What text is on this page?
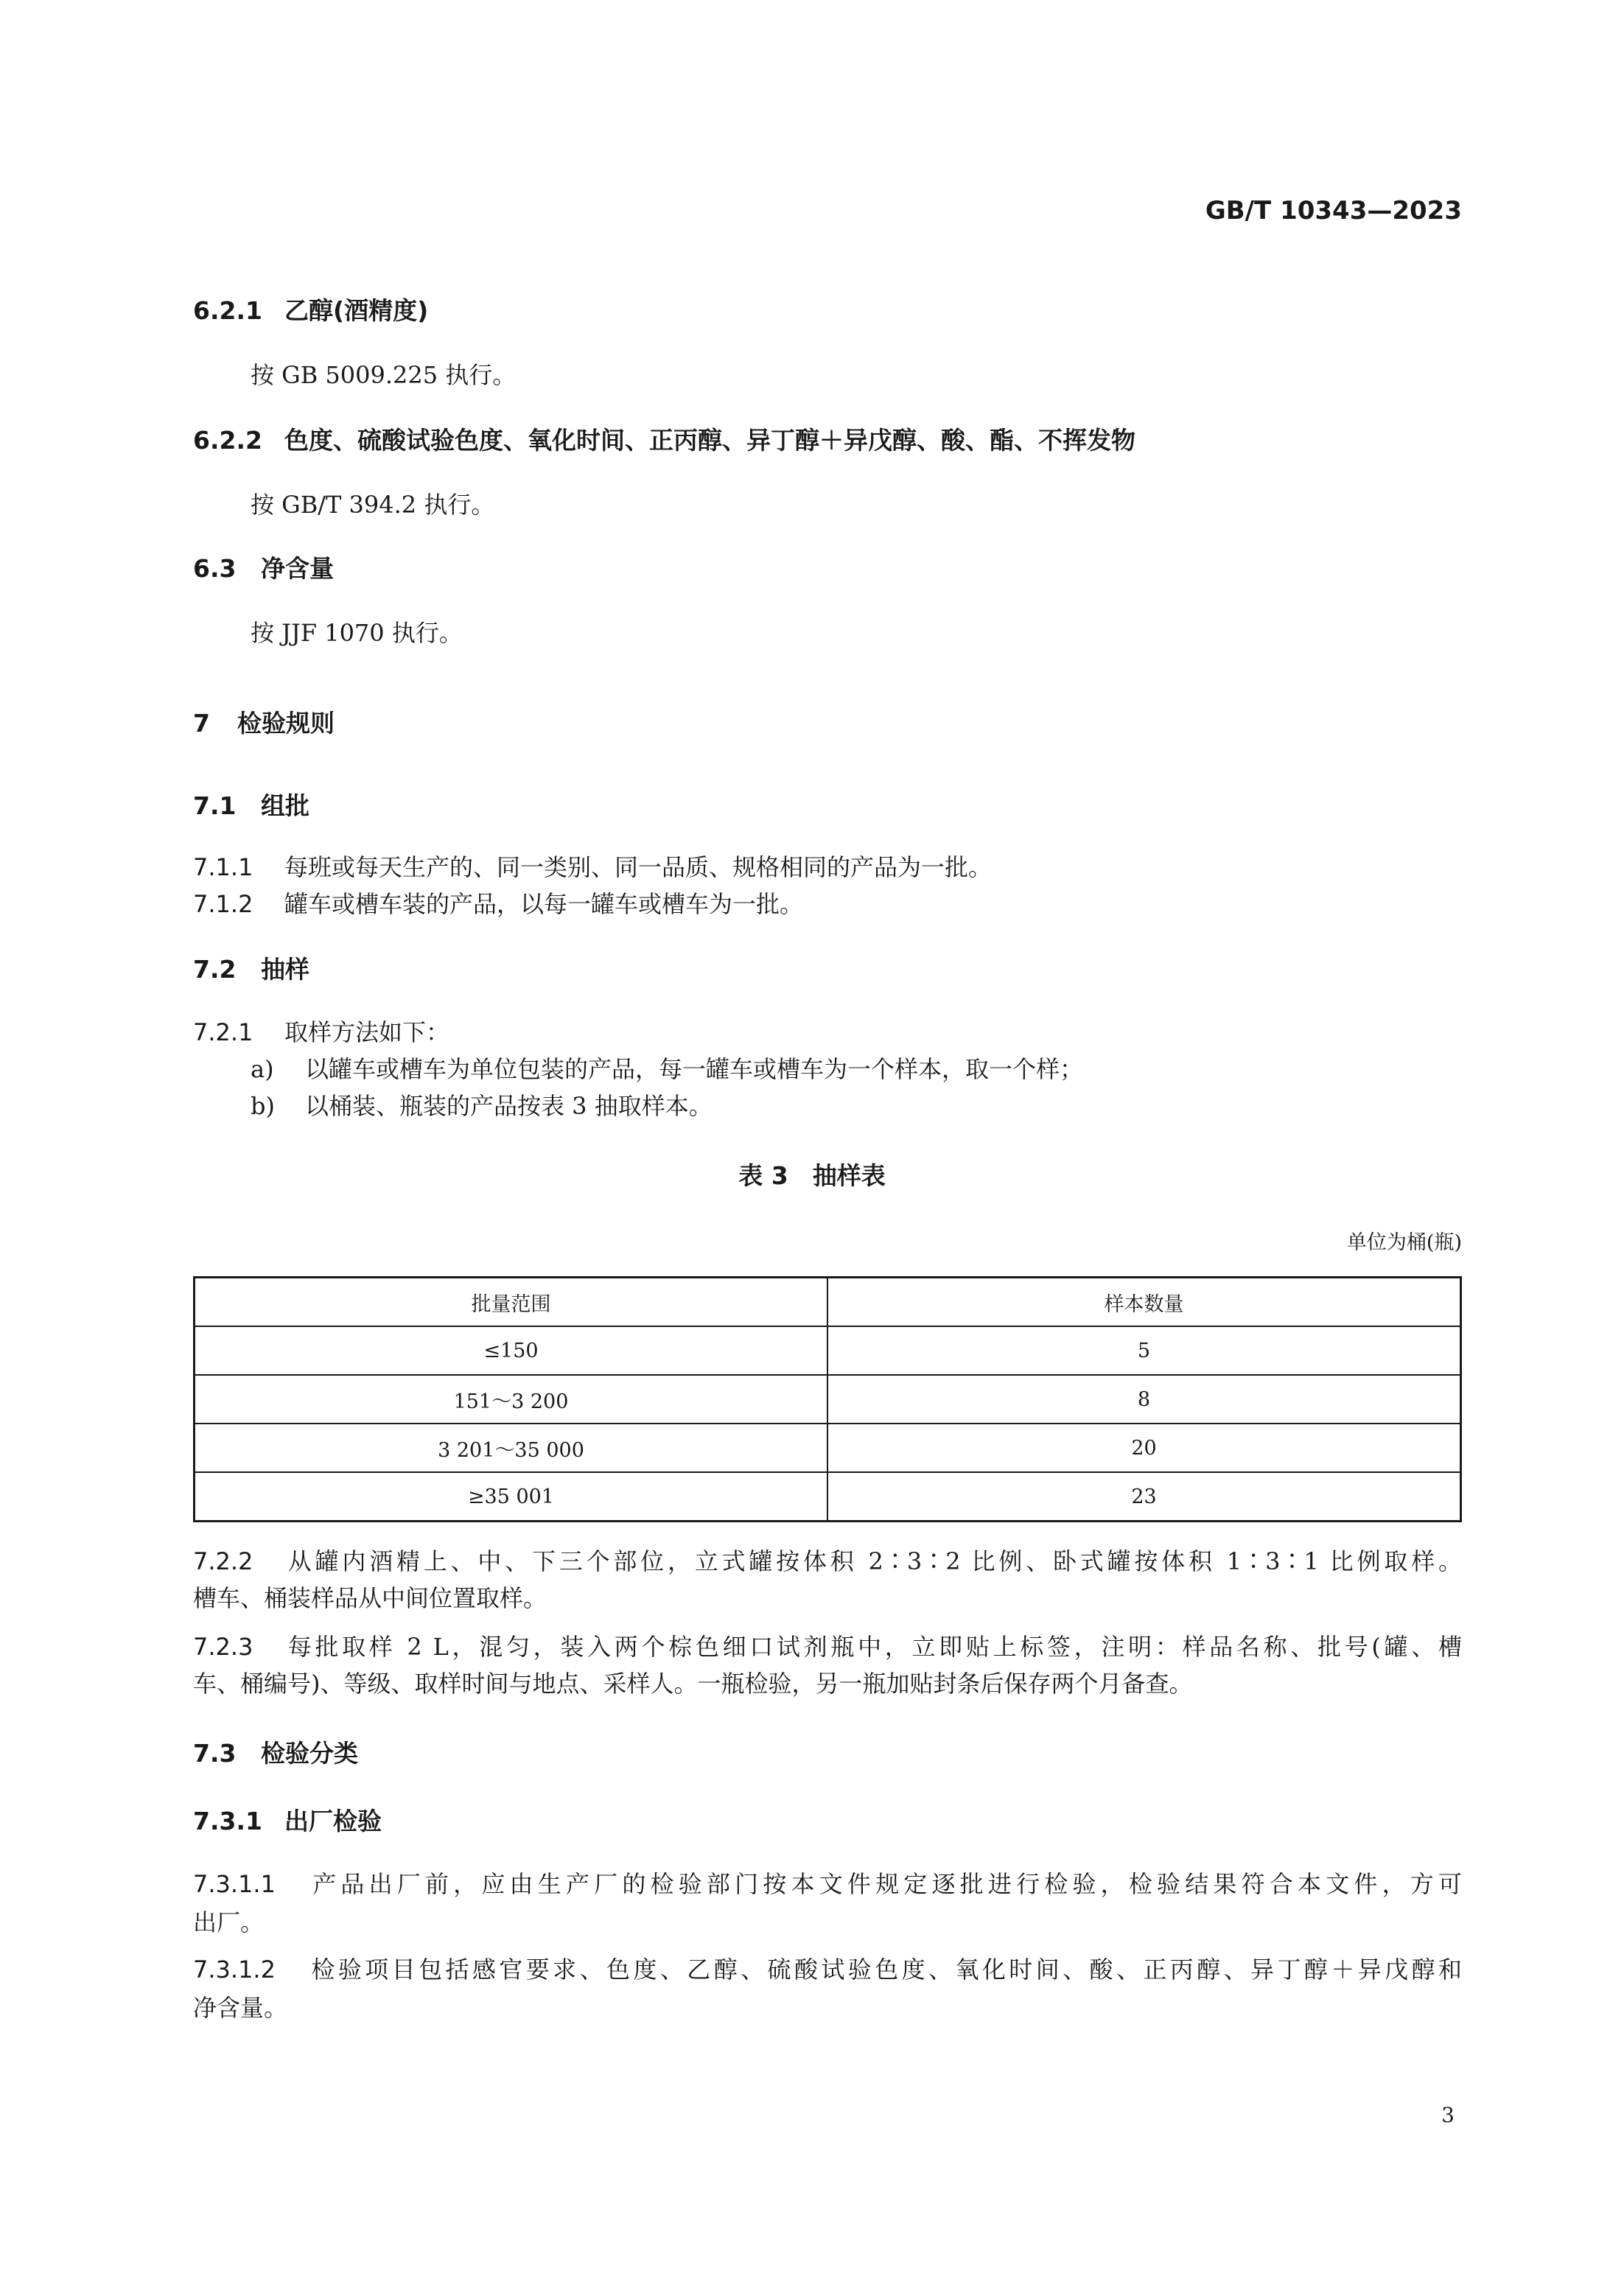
GB/T 10343—2023
6.2.1 乙醇(酒精度)
按 GB 5009.225 执行。
6.2.2 色度、硫酸试验色度、氧化时间、正丙醇、异丁醇＋异戊醇、酸、酯、不挥发物
按 GB/T 394.2 执行。
6.3 净含量
按 JJF 1070 执行。
7 检验规则
7.1 组批
7.1.1 每班或每天生产的、同一类别、同一品质、规格相同的产品为一批。
7.1.2 罐车或槽车装的产品，以每一罐车或槽车为一批。
7.2 抽样
7.2.1 取样方法如下：
a) 以罐车或槽车为单位包装的产品，每一罐车或槽车为一个样本，取一个样；
b) 以桶装、瓶装的产品按表 3 抽取样本。
表 3　抽样表
单位为桶(瓶)
批量范围	样本数量
≤150	5
151～3 200	8
3 201～35 000	20
≥35 001	23
7.2.2 从罐内酒精上、中、下三个部位，立式罐按体积 2∶3∶2 比例、卧式罐按体积 1∶3∶1 比例取样。
槽车、桶装样品从中间位置取样。
7.2.3 每批取样 2 L，混匀，装入两个棕色细口试剂瓶中，立即贴上标签，注明：样品名称、批号(罐、槽
车、桶编号)、等级、取样时间与地点、采样人。一瓶检验，另一瓶加贴封条后保存两个月备查。
7.3 检验分类
7.3.1 出厂检验
7.3.1.1 产品出厂前，应由生产厂的检验部门按本文件规定逐批进行检验，检验结果符合本文件，方可
出厂。
7.3.1.2 检验项目包括感官要求、色度、乙醇、硫酸试验色度、氧化时间、酸、正丙醇、异丁醇＋异戊醇和
净含量。
3
